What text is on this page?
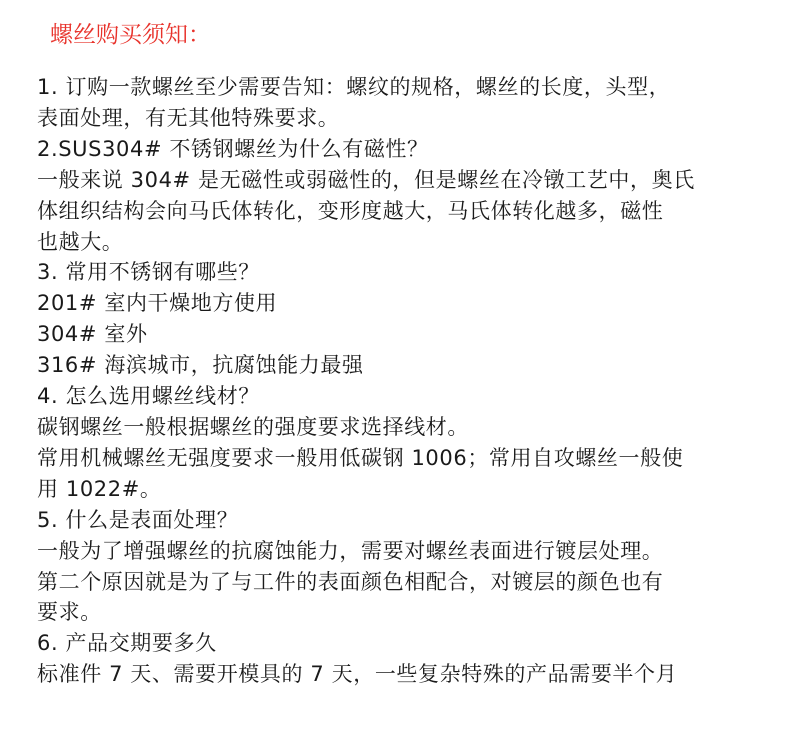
螺丝购买须知：
1. 订购一款螺丝至少需要告知：螺纹的规格，螺丝的长度，头型，
表面处理，有无其他特殊要求。
2.SUS304# 不锈钢螺丝为什么有磁性？
一般来说 304# 是无磁性或弱磁性的，但是螺丝在冷镦工艺中，奥氏
体组织结构会向马氏体转化，变形度越大，马氏体转化越多，磁性
也越大。
3. 常用不锈钢有哪些？
201# 室内干燥地方使用
304# 室外
316# 海滨城市，抗腐蚀能力最强
4. 怎么选用螺丝线材？
碳钢螺丝一般根据螺丝的强度要求选择线材。
常用机械螺丝无强度要求一般用低碳钢 1006；常用自攻螺丝一般使
用 1022#。
5. 什么是表面处理？
一般为了增强螺丝的抗腐蚀能力，需要对螺丝表面进行镀层处理。
第二个原因就是为了与工件的表面颜色相配合，对镀层的颜色也有
要求。
6. 产品交期要多久
标准件 7 天、需要开模具的 7 天，一些复杂特殊的产品需要半个月
